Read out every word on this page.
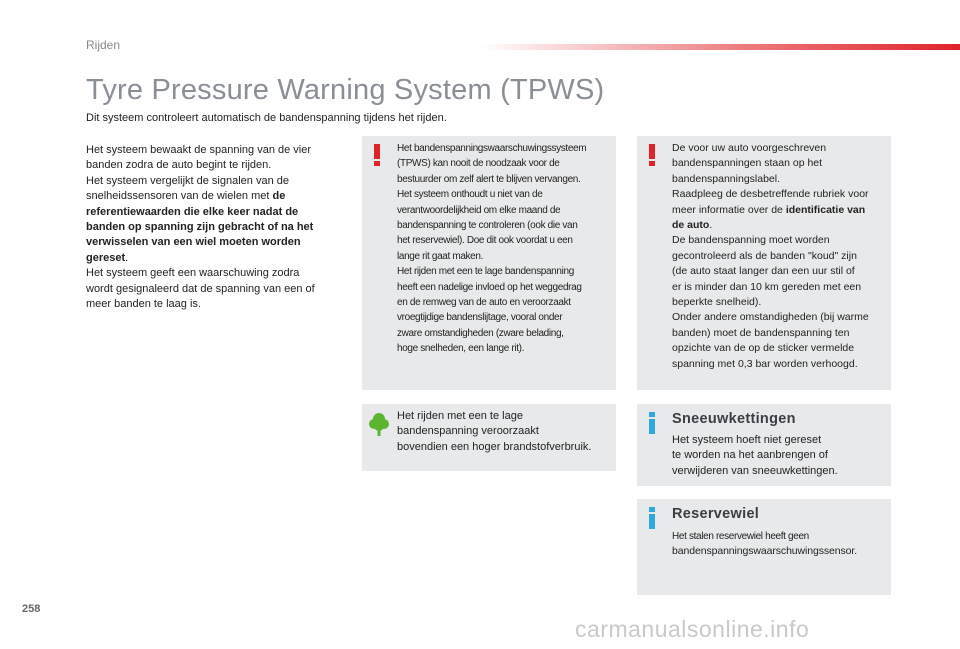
Rijden
Tyre Pressure Warning System (TPWS)
Dit systeem controleert automatisch de bandenspanning tijdens het rijden.
Het systeem bewaakt de spanning van de vier
banden zodra de auto begint te rijden.
Het systeem vergelijkt de signalen van de
snelheidssensoren van de wielen met de
referentiewaarden die elke keer nadat de
banden op spanning zijn gebracht of na het
verwisselen van een wiel moeten worden
gereset.
Het systeem geeft een waarschuwing zodra
wordt gesignaleerd dat de spanning van een of
meer banden te laag is.
Het bandenspanningswaarschuwingssysteem
(TPWS) kan nooit de noodzaak voor de
bestuurder om zelf alert te blijven vervangen.
Het systeem onthoudt u niet van de
verantwoordelijkheid om elke maand de
bandenspanning te controleren (ook die van
het reservewiel). Doe dit ook voordat u een
lange rit gaat maken.
Het rijden met een te lage bandenspanning
heeft een nadelige invloed op het weggedrag
en de remweg van de auto en veroorzaakt
vroegtijdige bandenslijtage, vooral onder
zware omstandigheden (zware belading,
hoge snelheden, een lange rit).
De voor uw auto voorgeschreven
bandenspanningen staan op het
bandenspanningslabel.
Raadpleeg de desbetreffende rubriek voor
meer informatie over de identificatie van
de auto.
De bandenspanning moet worden
gecontroleerd als de banden "koud" zijn
(de auto staat langer dan een uur stil of
er is minder dan 10 km gereden met een
beperkte snelheid).
Onder andere omstandigheden (bij warme
banden) moet de bandenspanning ten
opzichte van de op de sticker vermelde
spanning met 0,3 bar worden verhoogd.
Het rijden met een te lage
bandenspanning veroorzaakt
bovendien een hoger brandstofverbruik.
Sneeuwkettingen
Het systeem hoeft niet gereset
te worden na het aanbrengen of
verwijderen van sneeuwkettingen.
Reservewiel
Het stalen reservewiel heeft geen
bandenspanningswaarschuwingssensor.
258
carmanualsonline.info
